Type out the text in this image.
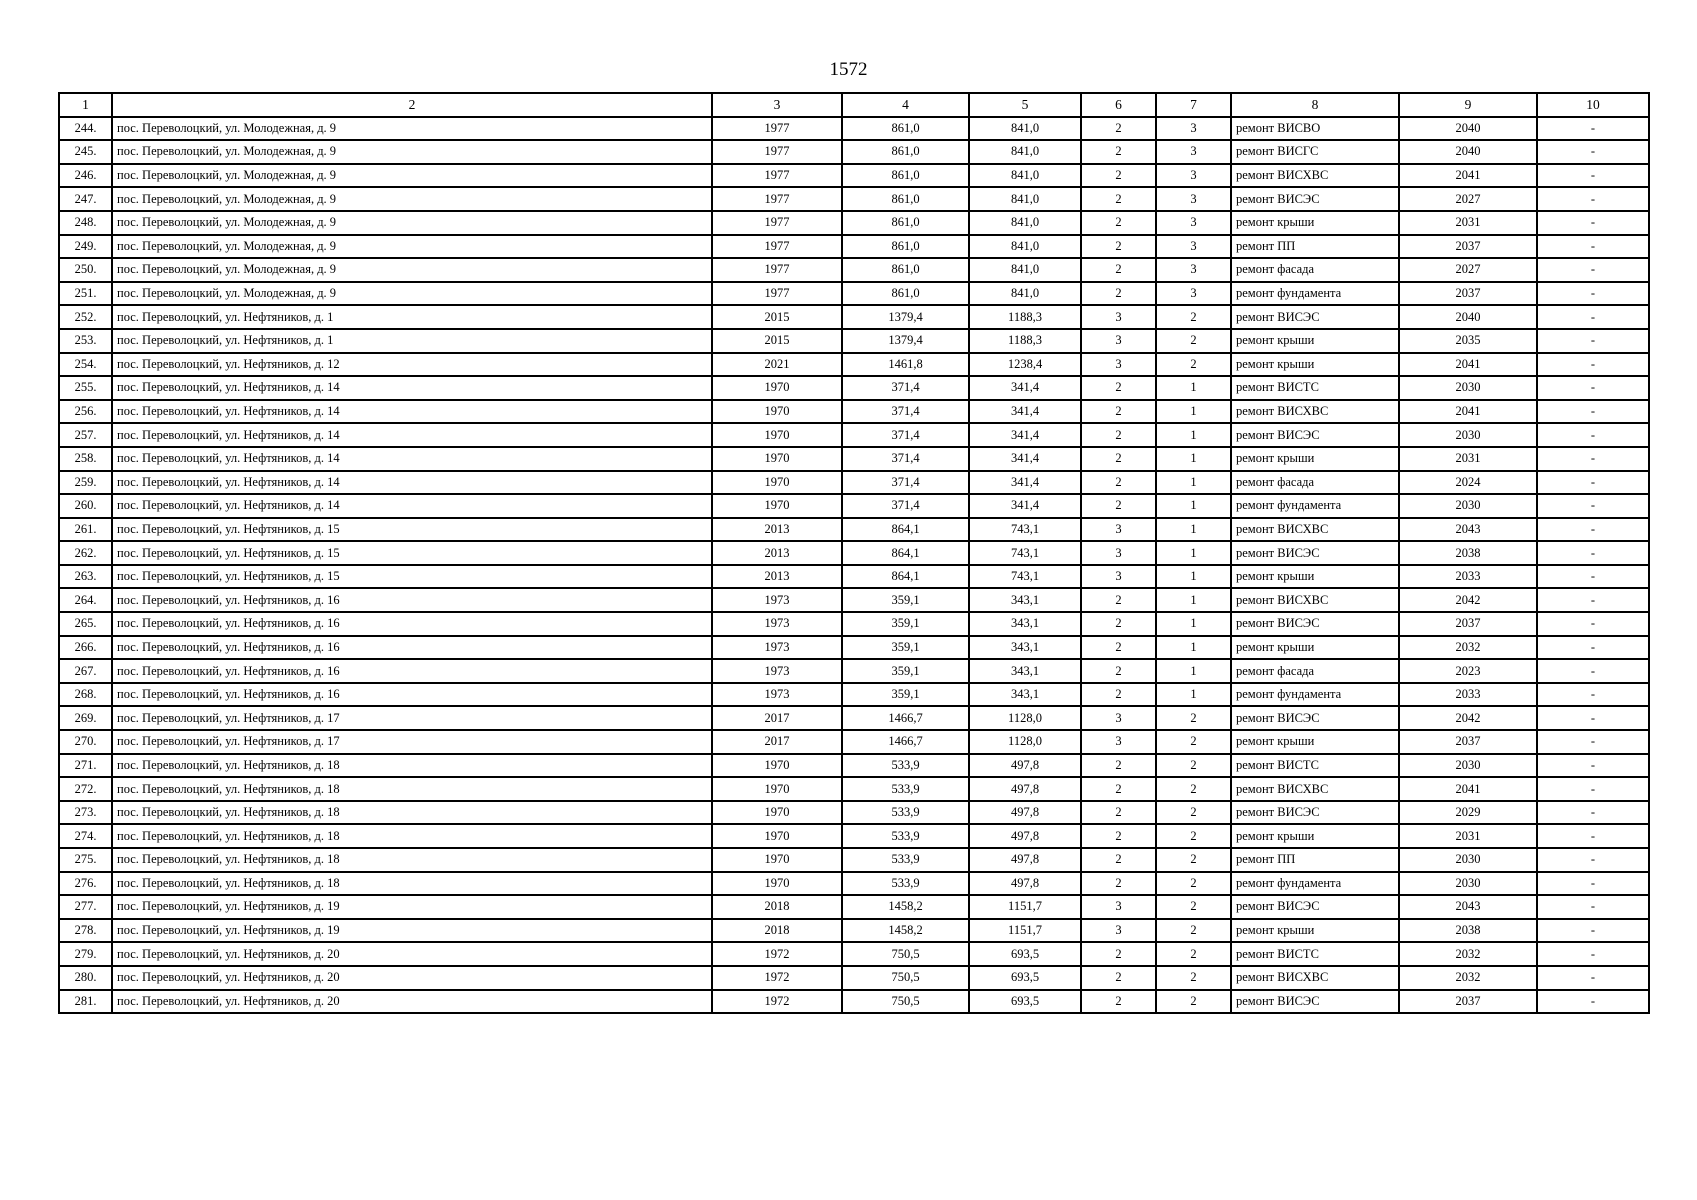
1572
1	2	3	4	5	6	7	8	9	10
244.	пос. Переволоцкий, ул. Молодежная, д. 9	1977	861,0	841,0	2	3	ремонт ВИСВО	2040	-
245.	пос. Переволоцкий, ул. Молодежная, д. 9	1977	861,0	841,0	2	3	ремонт ВИСГС	2040	-
246.	пос. Переволоцкий, ул. Молодежная, д. 9	1977	861,0	841,0	2	3	ремонт ВИСХВС	2041	-
247.	пос. Переволоцкий, ул. Молодежная, д. 9	1977	861,0	841,0	2	3	ремонт ВИСЭС	2027	-
248.	пос. Переволоцкий, ул. Молодежная, д. 9	1977	861,0	841,0	2	3	ремонт крыши	2031	-
249.	пос. Переволоцкий, ул. Молодежная, д. 9	1977	861,0	841,0	2	3	ремонт ПП	2037	-
250.	пос. Переволоцкий, ул. Молодежная, д. 9	1977	861,0	841,0	2	3	ремонт фасада	2027	-
251.	пос. Переволоцкий, ул. Молодежная, д. 9	1977	861,0	841,0	2	3	ремонт фундамента	2037	-
252.	пос. Переволоцкий, ул. Нефтяников, д. 1	2015	1379,4	1188,3	3	2	ремонт ВИСЭС	2040	-
253.	пос. Переволоцкий, ул. Нефтяников, д. 1	2015	1379,4	1188,3	3	2	ремонт крыши	2035	-
254.	пос. Переволоцкий, ул. Нефтяников, д. 12	2021	1461,8	1238,4	3	2	ремонт крыши	2041	-
255.	пос. Переволоцкий, ул. Нефтяников, д. 14	1970	371,4	341,4	2	1	ремонт ВИСТС	2030	-
256.	пос. Переволоцкий, ул. Нефтяников, д. 14	1970	371,4	341,4	2	1	ремонт ВИСХВС	2041	-
257.	пос. Переволоцкий, ул. Нефтяников, д. 14	1970	371,4	341,4	2	1	ремонт ВИСЭС	2030	-
258.	пос. Переволоцкий, ул. Нефтяников, д. 14	1970	371,4	341,4	2	1	ремонт крыши	2031	-
259.	пос. Переволоцкий, ул. Нефтяников, д. 14	1970	371,4	341,4	2	1	ремонт фасада	2024	-
260.	пос. Переволоцкий, ул. Нефтяников, д. 14	1970	371,4	341,4	2	1	ремонт фундамента	2030	-
261.	пос. Переволоцкий, ул. Нефтяников, д. 15	2013	864,1	743,1	3	1	ремонт ВИСХВС	2043	-
262.	пос. Переволоцкий, ул. Нефтяников, д. 15	2013	864,1	743,1	3	1	ремонт ВИСЭС	2038	-
263.	пос. Переволоцкий, ул. Нефтяников, д. 15	2013	864,1	743,1	3	1	ремонт крыши	2033	-
264.	пос. Переволоцкий, ул. Нефтяников, д. 16	1973	359,1	343,1	2	1	ремонт ВИСХВС	2042	-
265.	пос. Переволоцкий, ул. Нефтяников, д. 16	1973	359,1	343,1	2	1	ремонт ВИСЭС	2037	-
266.	пос. Переволоцкий, ул. Нефтяников, д. 16	1973	359,1	343,1	2	1	ремонт крыши	2032	-
267.	пос. Переволоцкий, ул. Нефтяников, д. 16	1973	359,1	343,1	2	1	ремонт фасада	2023	-
268.	пос. Переволоцкий, ул. Нефтяников, д. 16	1973	359,1	343,1	2	1	ремонт фундамента	2033	-
269.	пос. Переволоцкий, ул. Нефтяников, д. 17	2017	1466,7	1128,0	3	2	ремонт ВИСЭС	2042	-
270.	пос. Переволоцкий, ул. Нефтяников, д. 17	2017	1466,7	1128,0	3	2	ремонт крыши	2037	-
271.	пос. Переволоцкий, ул. Нефтяников, д. 18	1970	533,9	497,8	2	2	ремонт ВИСТС	2030	-
272.	пос. Переволоцкий, ул. Нефтяников, д. 18	1970	533,9	497,8	2	2	ремонт ВИСХВС	2041	-
273.	пос. Переволоцкий, ул. Нефтяников, д. 18	1970	533,9	497,8	2	2	ремонт ВИСЭС	2029	-
274.	пос. Переволоцкий, ул. Нефтяников, д. 18	1970	533,9	497,8	2	2	ремонт крыши	2031	-
275.	пос. Переволоцкий, ул. Нефтяников, д. 18	1970	533,9	497,8	2	2	ремонт ПП	2030	-
276.	пос. Переволоцкий, ул. Нефтяников, д. 18	1970	533,9	497,8	2	2	ремонт фундамента	2030	-
277.	пос. Переволоцкий, ул. Нефтяников, д. 19	2018	1458,2	1151,7	3	2	ремонт ВИСЭС	2043	-
278.	пос. Переволоцкий, ул. Нефтяников, д. 19	2018	1458,2	1151,7	3	2	ремонт крыши	2038	-
279.	пос. Переволоцкий, ул. Нефтяников, д. 20	1972	750,5	693,5	2	2	ремонт ВИСТС	2032	-
280.	пос. Переволоцкий, ул. Нефтяников, д. 20	1972	750,5	693,5	2	2	ремонт ВИСХВС	2032	-
281.	пос. Переволоцкий, ул. Нефтяников, д. 20	1972	750,5	693,5	2	2	ремонт ВИСЭС	2037	-
